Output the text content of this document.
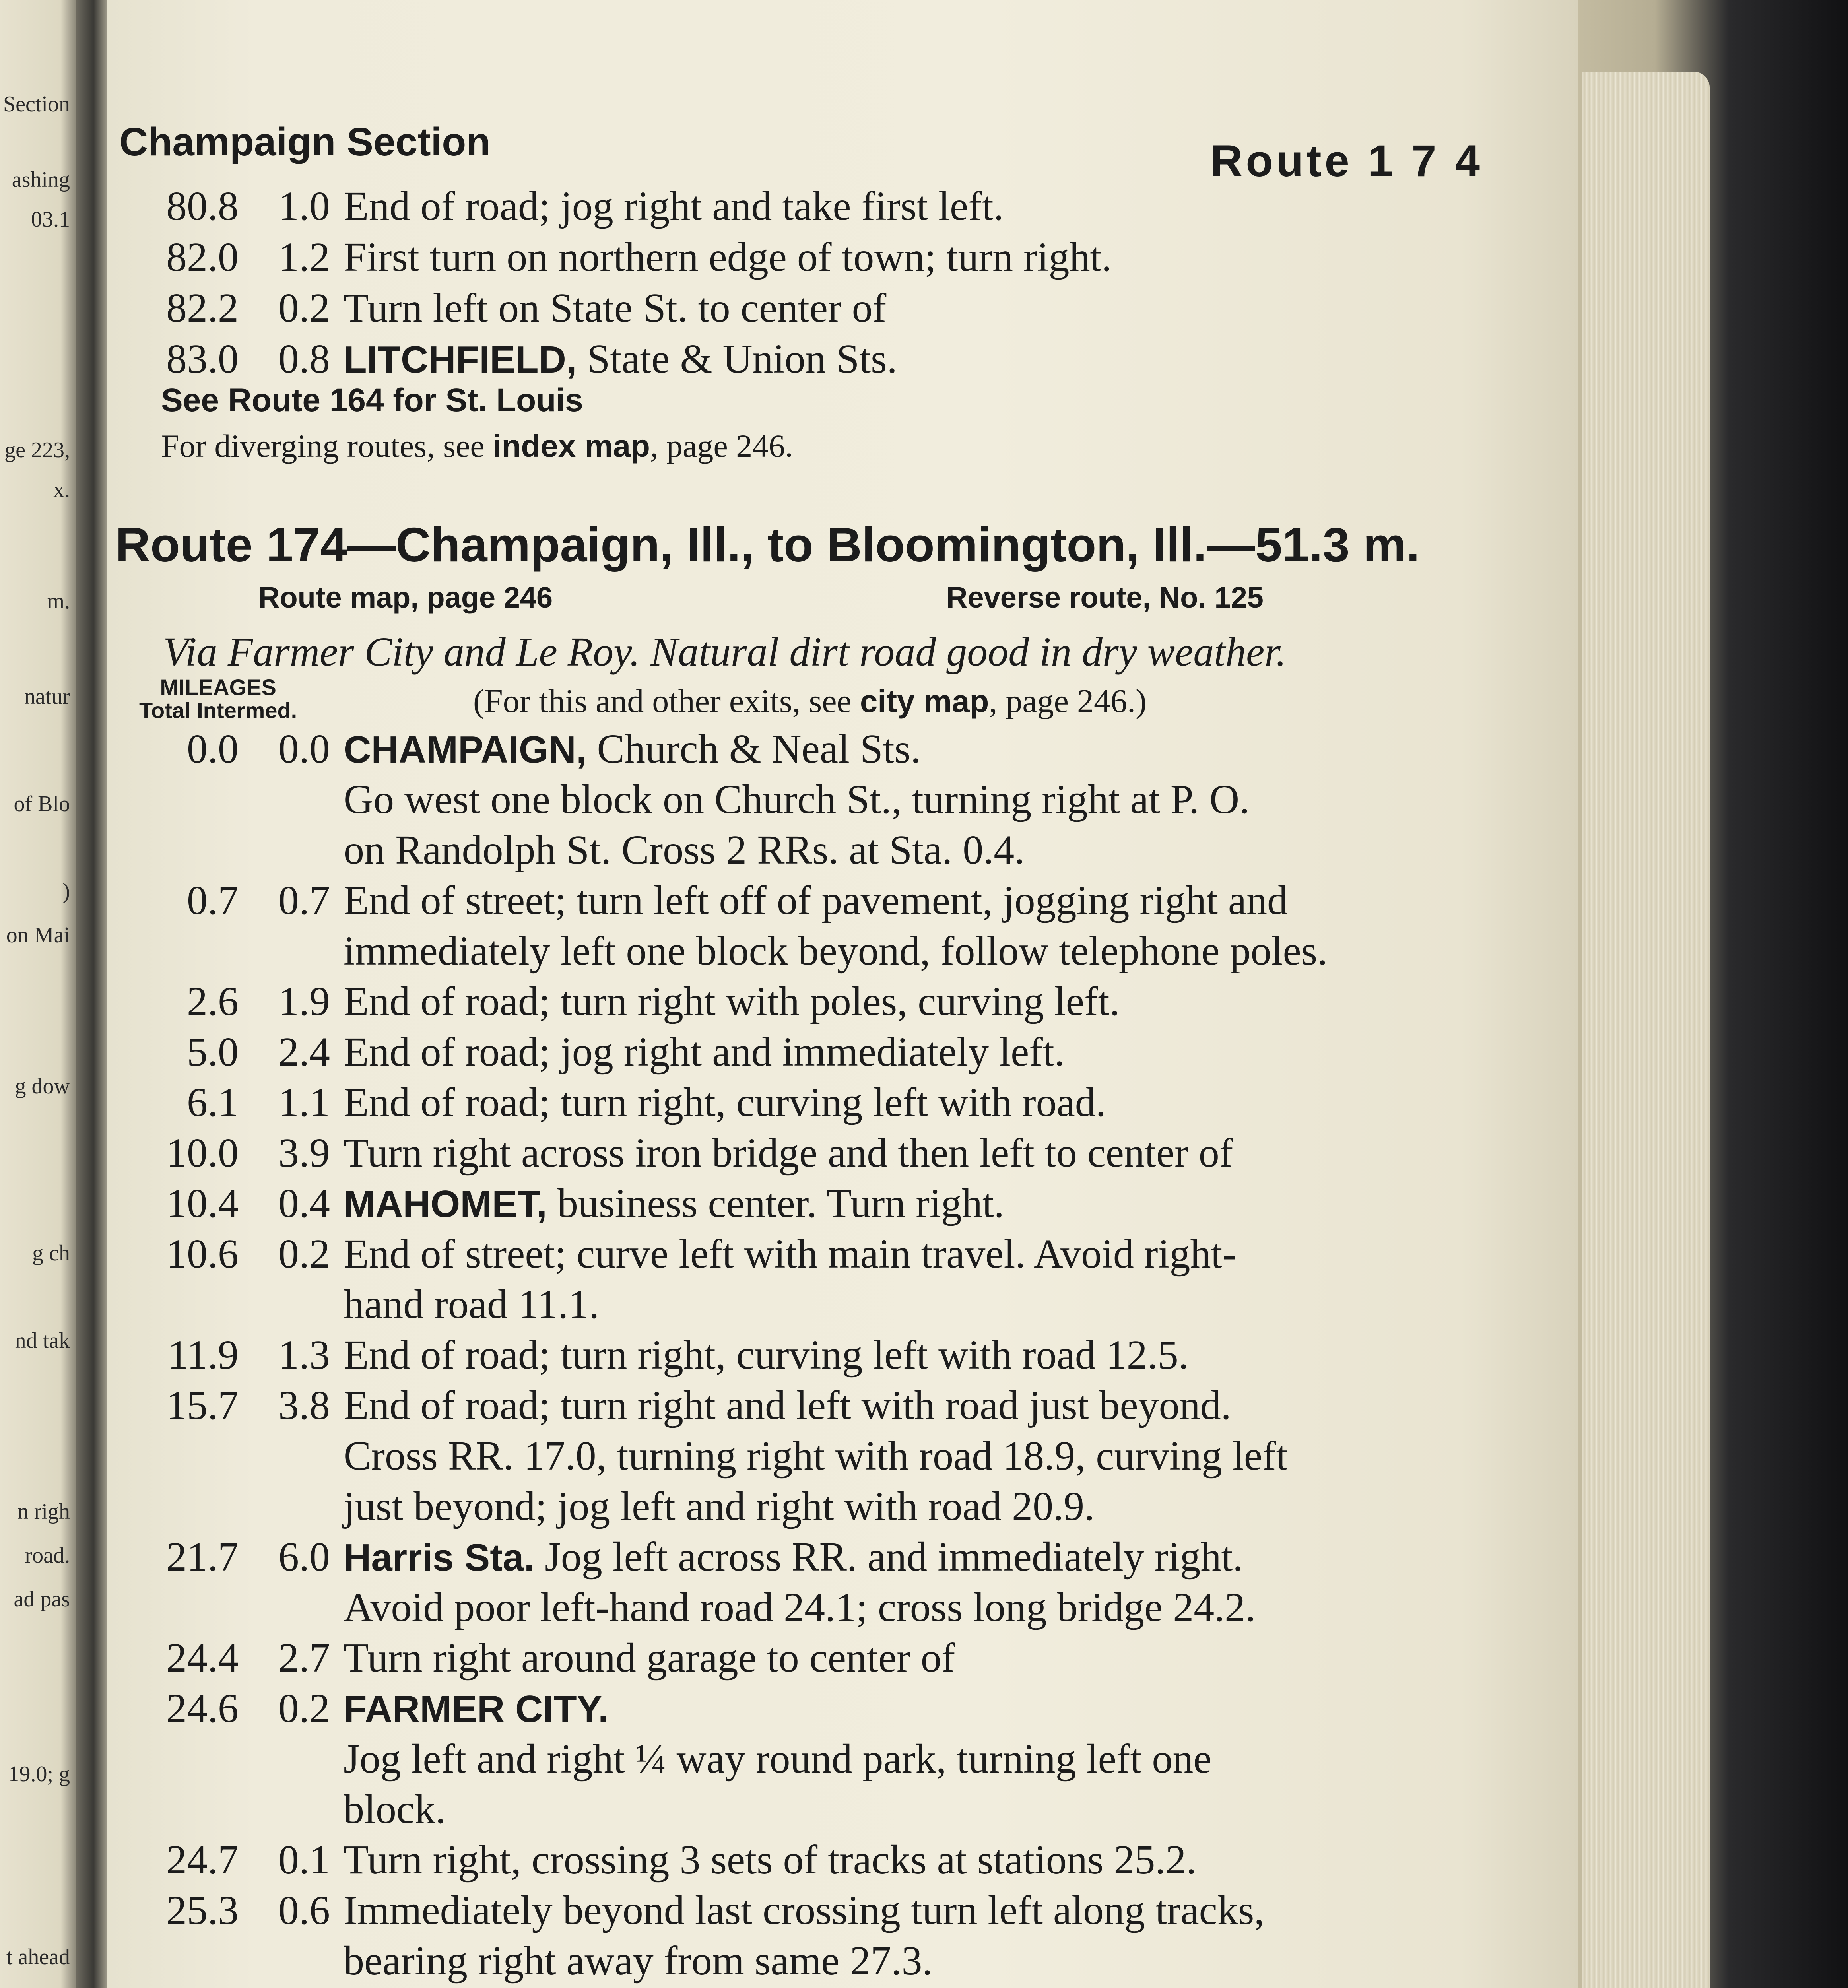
Section
ashing
03.1
ge 223,
x.
m.
natur
of Blo
)
on Mai
g dow
g ch
nd tak
n righ
road.
ad pas
19.0; g
t ahead
Champaign Section	Route 1 7 4
80.8 1.0 End of road; jog right and take first left.
82.0 1.2 First turn on northern edge of town; turn right.
82.2 0.2 Turn left on State St. to center of
83.0 0.8 LITCHFIELD, State & Union Sts.
See Route 164 for St. Louis
For diverging routes, see index map, page 246.
Route 174—Champaign, Ill., to Bloomington, Ill.—51.3 m.
Route map, page 246	Reverse route, No. 125
Via Farmer City and Le Roy. Natural dirt road good in dry weather.
MILEAGES
Total Intermed.	(For this and other exits, see city map, page 246.)
0.0 0.0 CHAMPAIGN, Church & Neal Sts.
Go west one block on Church St., turning right at P. O.
on Randolph St. Cross 2 RRs. at Sta. 0.4.
0.7 0.7 End of street; turn left off of pavement, jogging right and
immediately left one block beyond, follow telephone poles.
2.6 1.9 End of road; turn right with poles, curving left.
5.0 2.4 End of road; jog right and immediately left.
6.1 1.1 End of road; turn right, curving left with road.
10.0 3.9 Turn right across iron bridge and then left to center of
10.4 0.4 MAHOMET, business center. Turn right.
10.6 0.2 End of street; curve left with main travel. Avoid right-
hand road 11.1.
11.9 1.3 End of road; turn right, curving left with road 12.5.
15.7 3.8 End of road; turn right and left with road just beyond.
Cross RR. 17.0, turning right with road 18.9, curving left
just beyond; jog left and right with road 20.9.
21.7 6.0 Harris Sta. Jog left across RR. and immediately right.
Avoid poor left-hand road 24.1; cross long bridge 24.2.
24.4 2.7 Turn right around garage to center of
24.6 0.2 FARMER CITY.
Jog left and right ¼ way round park, turning left one
block.
24.7 0.1 Turn right, crossing 3 sets of tracks at stations 25.2.
25.3 0.6 Immediately beyond last crossing turn left along tracks,
bearing right away from same 27.3.
